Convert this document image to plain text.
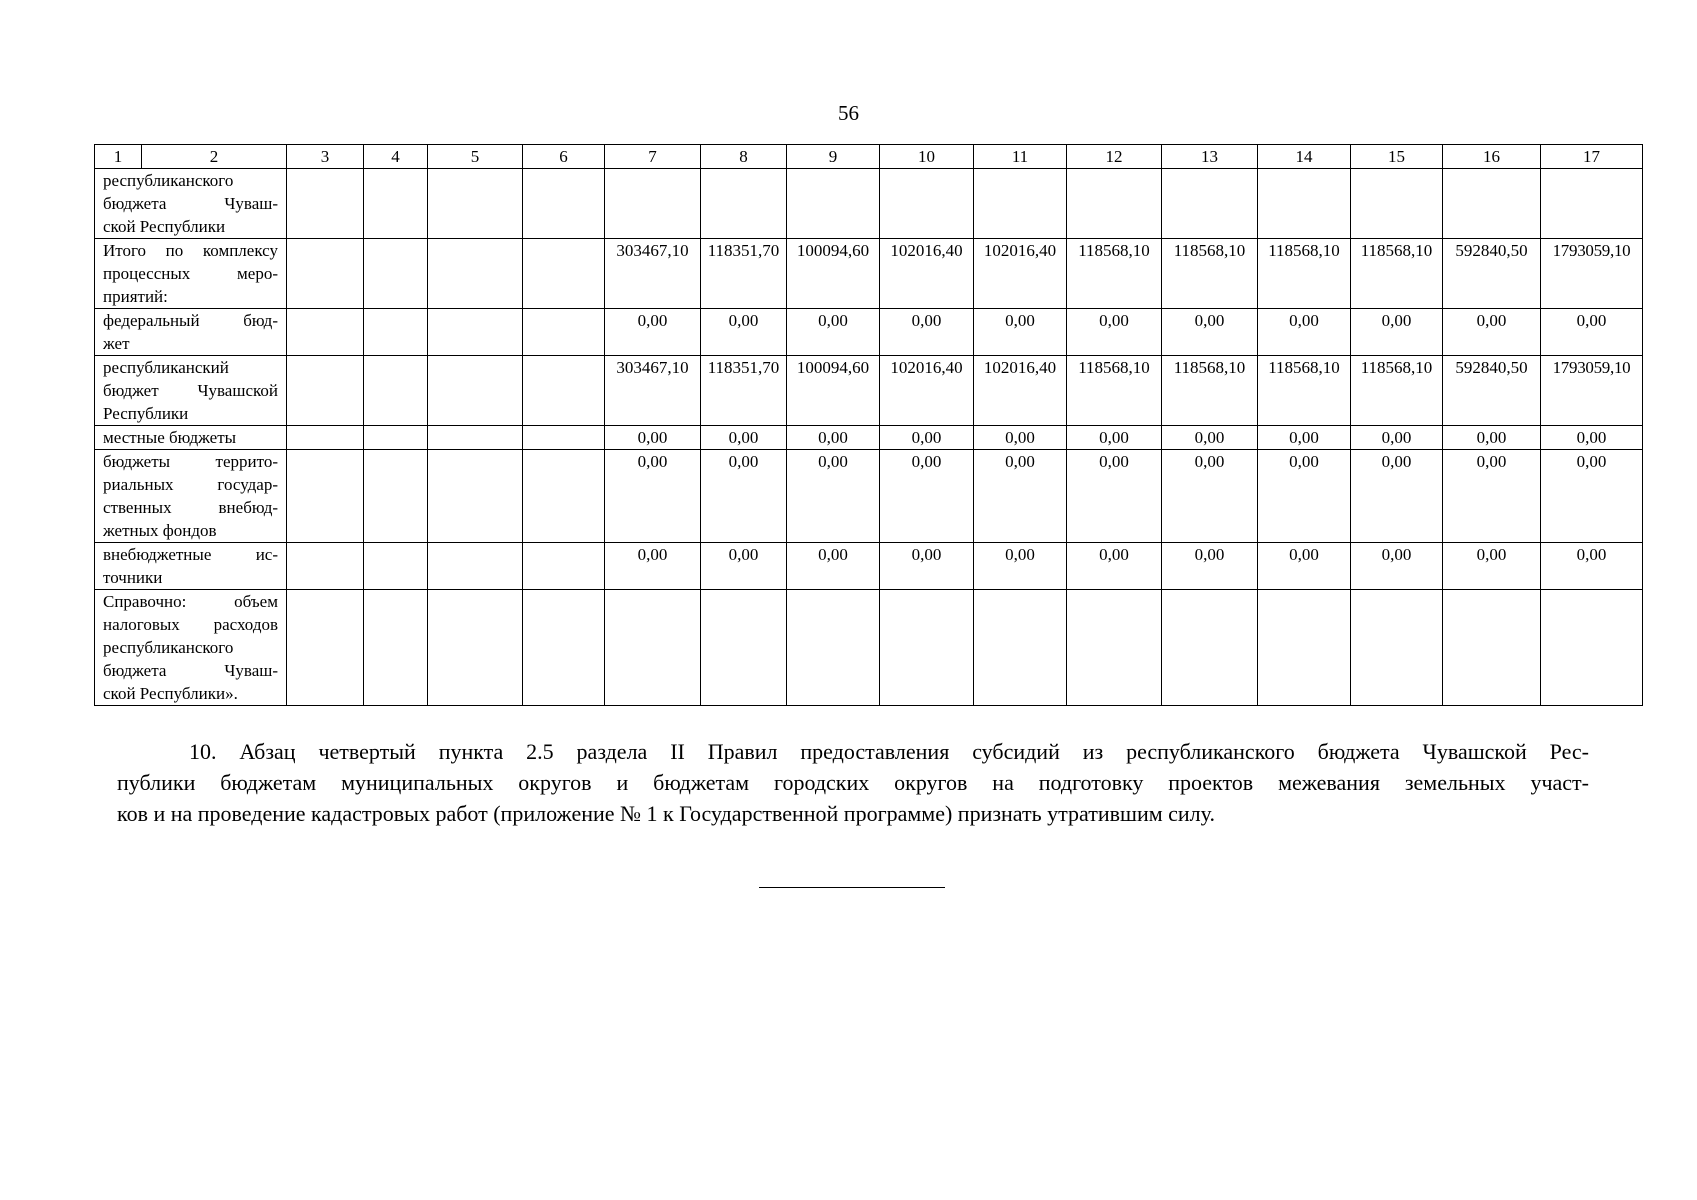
56
1	2	3	4	5	6	7	8	9	10	11	12	13	14	15	16	17

республиканского
бюджета Чуваш-
ской Республики																

Итого по комплексу
процессных меро-
приятий:						303467,10	118351,70	100094,60	102016,40	102016,40	118568,10	118568,10	118568,10	118568,10	592840,50	1793059,10

федеральный бюд-
жет						0,00	0,00	0,00	0,00	0,00	0,00	0,00	0,00	0,00	0,00	0,00

республиканский
бюджет Чувашской
Республики						303467,10	118351,70	100094,60	102016,40	102016,40	118568,10	118568,10	118568,10	118568,10	592840,50	1793059,10

местные бюджеты						0,00	0,00	0,00	0,00	0,00	0,00	0,00	0,00	0,00	0,00	0,00

бюджеты террито-
риальных государ-
ственных внебюд-
жетных фондов						0,00	0,00	0,00	0,00	0,00	0,00	0,00	0,00	0,00	0,00	0,00

внебюджетные ис-
точники						0,00	0,00	0,00	0,00	0,00	0,00	0,00	0,00	0,00	0,00	0,00

Справочно: объем
налоговых расходов
республиканского
бюджета Чуваш-
ской Республики».																

10. Абзац четвертый пункта 2.5 раздела II Правил предоставления субсидий из республиканского бюджета Чувашской Рес-
публики бюджетам муниципальных округов и бюджетам городских округов на подготовку проектов межевания земельных участ-
ков и на проведение кадастровых работ (приложение № 1 к Государственной программе) признать утратившим силу.
